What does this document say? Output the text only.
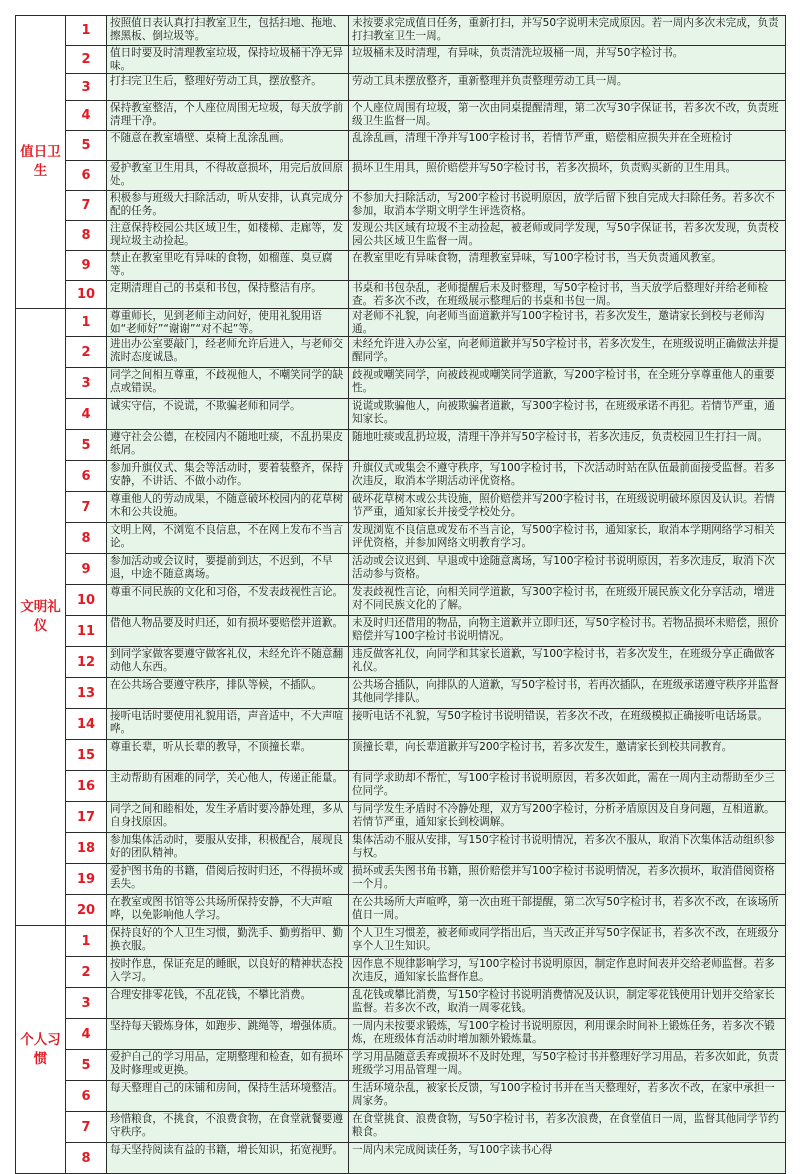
值日卫生	1	按照值日表认真打扫教室卫生，包括扫地、拖地、擦黑板、倒垃圾等。	未按要求完成值日任务，重新打扫，并写50字说明未完成原因。若一周内多次未完成，负责打扫教室卫生一周。
	2	值日时要及时清理教室垃圾，保持垃圾桶干净无异味。	垃圾桶未及时清理，有异味，负责清洗垃圾桶一周，并写50字检讨书。
	3	打扫完卫生后，整理好劳动工具，摆放整齐。	劳动工具未摆放整齐，重新整理并负责整理劳动工具一周。
	4	保持教室整洁，个人座位周围无垃圾，每天放学前清理干净。	个人座位周围有垃圾，第一次由同桌提醒清理，第二次写30字保证书，若多次不改，负责班级卫生监督一周。
	5	不随意在教室墙壁、桌椅上乱涂乱画。	乱涂乱画，清理干净并写100字检讨书，若情节严重，赔偿相应损失并在全班检讨
	6	爱护教室卫生用具，不得故意损坏，用完后放回原处。	损坏卫生用具，照价赔偿并写50字检讨书，若多次损坏，负责购买新的卫生用具。
	7	积极参与班级大扫除活动，听从安排，认真完成分配的任务。	不参加大扫除活动，写200字检讨书说明原因，放学后留下独自完成大扫除任务。若多次不参加，取消本学期文明学生评选资格。
	8	注意保持校园公共区域卫生，如楼梯、走廊等，发现垃圾主动捡起。	发现公共区域有垃圾不主动捡起，被老师或同学发现，写50字保证书，若多次发现，负责校园公共区域卫生监督一周。
	9	禁止在教室里吃有异味的食物，如榴莲、臭豆腐等。	在教室里吃有异味食物，清理教室异味，写100字检讨书，当天负责通风教室。
	10	定期清理自己的书桌和书包，保持整洁有序。	书桌和书包杂乱，老师提醒后未及时整理，写50字检讨书，当天放学后整理好并给老师检查。若多次不改，在班级展示整理后的书桌和书包一周。
文明礼仪	1	尊重师长，见到老师主动问好，使用礼貌用语如“老师好”“谢谢”“对不起”等。	对老师不礼貌，向老师当面道歉并写100字检讨书，若多次发生，邀请家长到校与老师沟通。
	2	进出办公室要敲门，经老师允许后进入，与老师交流时态度诚恳。	未经允许进入办公室，向老师道歉并写50字检讨书，若多次发生，在班级说明正确做法并提醒同学。
	3	同学之间相互尊重，不歧视他人，不嘲笑同学的缺点或错误。	歧视或嘲笑同学，向被歧视或嘲笑同学道歉，写200字检讨书，在全班分享尊重他人的重要性。
	4	诚实守信，不说谎，不欺骗老师和同学。	说谎或欺骗他人，向被欺骗者道歉，写300字检讨书，在班级承诺不再犯。若情节严重，通知家长。
	5	遵守社会公德，在校园内不随地吐痰，不乱扔果皮纸屑。	随地吐痰或乱扔垃圾，清理干净并写50字检讨书，若多次违反，负责校园卫生打扫一周。
	6	参加升旗仪式、集会等活动时，要着装整齐，保持安静，不讲话、不做小动作。	升旗仪式或集会不遵守秩序，写100字检讨书，下次活动时站在队伍最前面接受监督。若多次违反，取消本学期活动评优资格。
	7	尊重他人的劳动成果，不随意破坏校园内的花草树木和公共设施。	破坏花草树木或公共设施，照价赔偿并写200字检讨书，在班级说明破坏原因及认识。若情节严重，通知家长并接受学校处分。
	8	文明上网，不浏览不良信息，不在网上发布不当言论。	发现浏览不良信息或发布不当言论，写500字检讨书，通知家长，取消本学期网络学习相关评优资格，并参加网络文明教育学习。
	9	参加活动或会议时，要提前到达，不迟到，不早退，中途不随意离场。	活动或会议迟到、早退或中途随意离场，写100字检讨书说明原因，若多次违反，取消下次活动参与资格。
	10	尊重不同民族的文化和习俗，不发表歧视性言论。	发表歧视性言论，向相关同学道歉，写300字检讨书，在班级开展民族文化分享活动，增进对不同民族文化的了解。
	11	借他人物品要及时归还，如有损坏要赔偿并道歉。	未及时归还借用的物品，向物主道歉并立即归还，写50字检讨书。若物品损坏未赔偿，照价赔偿并写100字检讨书说明情况。
	12	到同学家做客要遵守做客礼仪，未经允许不随意翻动他人东西。	违反做客礼仪，向同学和其家长道歉，写100字检讨书，若多次发生，在班级分享正确做客礼仪。
	13	在公共场合要遵守秩序，排队等候，不插队。	公共场合插队，向排队的人道歉，写50字检讨书，若再次插队，在班级承诺遵守秩序并监督其他同学排队。
	14	接听电话时要使用礼貌用语，声音适中，不大声喧哗。	接听电话不礼貌，写50字检讨书说明错误，若多次不改，在班级模拟正确接听电话场景。
	15	尊重长辈，听从长辈的教导，不顶撞长辈。	顶撞长辈，向长辈道歉并写200字检讨书，若多次发生，邀请家长到校共同教育。
	16	主动帮助有困难的同学，关心他人，传递正能量。	有同学求助却不帮忙，写100字检讨书说明原因，若多次如此，需在一周内主动帮助至少三位同学。
	17	同学之间和睦相处，发生矛盾时要冷静处理，多从自身找原因。	与同学发生矛盾时不冷静处理，双方写200字检讨，分析矛盾原因及自身问题，互相道歉。若情节严重，通知家长到校调解。
	18	参加集体活动时，要服从安排，积极配合，展现良好的团队精神。	集体活动不服从安排，写150字检讨书说明情况，若多次不服从，取消下次集体活动组织参与权。
	19	爱护图书角的书籍，借阅后按时归还，不得损坏或丢失。	损坏或丢失图书角书籍，照价赔偿并写100字检讨书说明情况，若多次损坏，取消借阅资格一个月。
	20	在教室或图书馆等公共场所保持安静，不大声喧哗，以免影响他人学习。	在公共场所大声喧哗，第一次由班干部提醒，第二次写50字检讨书，若多次不改，在该场所值日一周。
个人习惯	1	保持良好的个人卫生习惯，勤洗手、勤剪指甲、勤换衣服。	个人卫生习惯差，被老师或同学指出后，当天改正并写50字保证书，若多次不改，在班级分享个人卫生知识。
	2	按时作息，保证充足的睡眠，以良好的精神状态投入学习。	因作息不规律影响学习，写100字检讨书说明原因，制定作息时间表并交给老师监督。若多次违反，通知家长监督作息。
	3	合理安排零花钱，不乱花钱，不攀比消费。	乱花钱或攀比消费，写150字检讨书说明消费情况及认识，制定零花钱使用计划并交给家长监督。若多次不改，取消一周零花钱。
	4	坚持每天锻炼身体，如跑步、跳绳等，增强体质。	一周内未按要求锻炼，写100字检讨书说明原因，利用课余时间补上锻炼任务，若多次不锻炼，在班级体育活动时增加额外锻炼量。
	5	爱护自己的学习用品，定期整理和检查，如有损坏及时修理或更换。	学习用品随意丢弃或损坏不及时处理，写50字检讨书并整理好学习用品，若多次如此，负责班级学习用品管理一周。
	6	每天整理自己的床铺和房间，保持生活环境整洁。	生活环境杂乱，被家长反馈，写100字检讨书并在当天整理好，若多次不改，在家中承担一周家务。
	7	珍惜粮食，不挑食，不浪费食物，在食堂就餐要遵守秩序。	在食堂挑食、浪费食物，写50字检讨书，若多次浪费，在食堂值日一周，监督其他同学节约粮食。
	8	每天坚持阅读有益的书籍，增长知识，拓宽视野。	一周内未完成阅读任务，写100字读书心得
